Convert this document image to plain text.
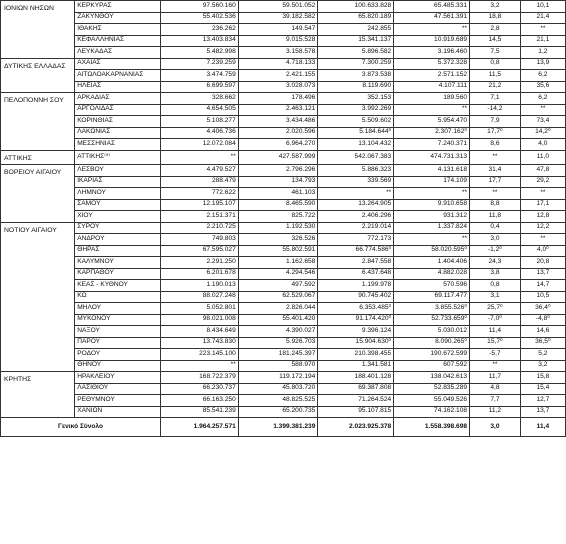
ΙΟΝΙΩΝ ΝΗΣΩΝ	ΚΕΡΚΥΡΑΣ	97.560.160	59.501.052	100.633.828	65.485.331	3,2	10,1
	ΖΑΚΥΝΘΟΥ	55.402.536	39.182.582	65.820.189	47.561.391	18,8	21,4
	ΙΘΑΚΗΣ	236.262	149.547	242.855	**	2,8	**
	ΚΕΦΑΛΛΗΝΙΑΣ	13.403.834	9.015.528	15.341.137	10.919.689	14,5	21,1
	ΛΕΥΚΑΔΑΣ	5.482.998	3.158.578	5.896.582	3.196.460	7,5	1,2
ΔΥΤΙΚΗΣ ΕΛΛΑΔΑΣ	ΑΧΑΪΑΣ	7.239.259	4.718.133	7.300.259	5.372.328	0,8	13,9
	ΑΙΤΩΛΟΑΚΑΡΝΑΝΙΑΣ	3.474.759	2.421.155	3.873.538	2.571.152	11,5	6,2
	ΗΛΕΙΑΣ	6.699.597	3.028.073	8.119.690	4.107.111	21,2	35,6
ΠΕΛΟΠΟΝΝΗ ΣΟΥ	ΑΡΚΑΔΙΑΣ	328.662	178.496	352.153	189.560	7,1	6,2
	ΑΡΓΟΛΙΔΑΣ	4.654.505	2.463.121	3.992.269	**	-14,2	**
	ΚΟΡΙΝΘΙΑΣ	5.108.277	3.434.486	5.509.602	5.954.470	7,9	73,4
	ΛΑΚΩΝΙΑΣ	4.406.736	2.020.596	5.184.644⁰	2.307.162⁰	17,7⁰	14,2⁰
	ΜΕΣΣΗΝΙΑΣ	12.072.084	6.964.270	13.104.432	7.240.371	8,6	4,0
ΑΤΤΙΚΗΣ	ΑΤΤΙΚΗΣ⁽*⁾	**	427.587.999	542.067.383	474.731.313	**	11,0
ΒΟΡΕΙΟΥ ΑΙΓΑΙΟΥ	ΛΕΣΒΟΥ	4.479.527	2.796.296	5.886.323	4.131.618	31,4	47,8
	ΙΚΑΡΙΑΣ	288.479	134.793	339.569	174.109	17,7	29,2
	ΛΗΜΝΟΥ	772.622	461.103	**	**	**	**
	ΣΑΜΟΥ	12.195.107	8.465.590	13.264.905	9.910.658	8,8	17,1
	ΧΙΟΥ	2.151.371	825.722	2.406.296	931.312	11,8	12,8
ΝΟΤΙΟΥ ΑΙΓΑΙΟΥ	ΣΥΡΟΥ	2.210.725	1.192.530	2.219.014	1.337.824	0,4	12,2
	ΑΝΔΡΟΥ	749.803	326.526	772.173	**	3,0	**
	ΘΗΡΑΣ	67.595.027	55.802.591	66.774.586⁰	58.020.595⁰	-1,2⁰	4,0⁰
	ΚΑΛΥΜΝΟΥ	2.291.250	1.162.658	2.847.558	1.404.406	24,3	20,8
	ΚΑΡΠΑΘΟΥ	6.201.678	4.294.546	6.437.648	4.882.028	3,8	13,7
	ΚΕΑΣ - ΚΥΘΝΟΥ	1.190.013	497.592	1.199.978	570.596	0,8	14,7
	ΚΩ	88.027.248	62.529.067	90.745.402	69.117.477	3,1	10,5
	ΜΗΛΟΥ	5.052.801	2.826.044	6.353.485⁰	3.855.526⁰	25,7⁰	36,4⁰
	ΜΥΚΟΝΟΥ	98.021.008	55.401.420	91.174.420⁰	52.733.659⁰	-7,0⁰	-4,8⁰
	ΝΑΞΟΥ	8.434.649	4.390.027	9.396.124	5.030.012	11,4	14,6
	ΠΑΡΟΥ	13.743.830	5.926.703	15.904.630⁰	8.090.265⁰	15,7⁰	36,5⁰
	ΡΟΔΟΥ	223.145.100	181.245.397	210.398.455	190.672.599	-5,7	5,2
	ΘΗΝΟΥ	**	588.970	1.341.581	607.592	**	3,2
ΚΡΗΤΗΣ	ΗΡΑΚΛΕΙΟΥ	168.722.379	119.172.194	188.401.128	138.042.613	11,7	15,8
	ΛΑΣΙΘΙΟΥ	66.230.737	45.803.720	69.387.808	52.835.289	4,8	15,4
	ΡΕΘΥΜΝΟΥ	66.163.250	48.825.525	71.264.524	55.049.526	7,7	12,7
	ΧΑΝΙΩΝ	85.541.239	65.200.735	95.107.815	74.162.108	11,2	13,7
Γενικό Σύνολο		1.964.257.571	1.399.381.239	2.023.925.378	1.558.398.698	3,0	11,4
